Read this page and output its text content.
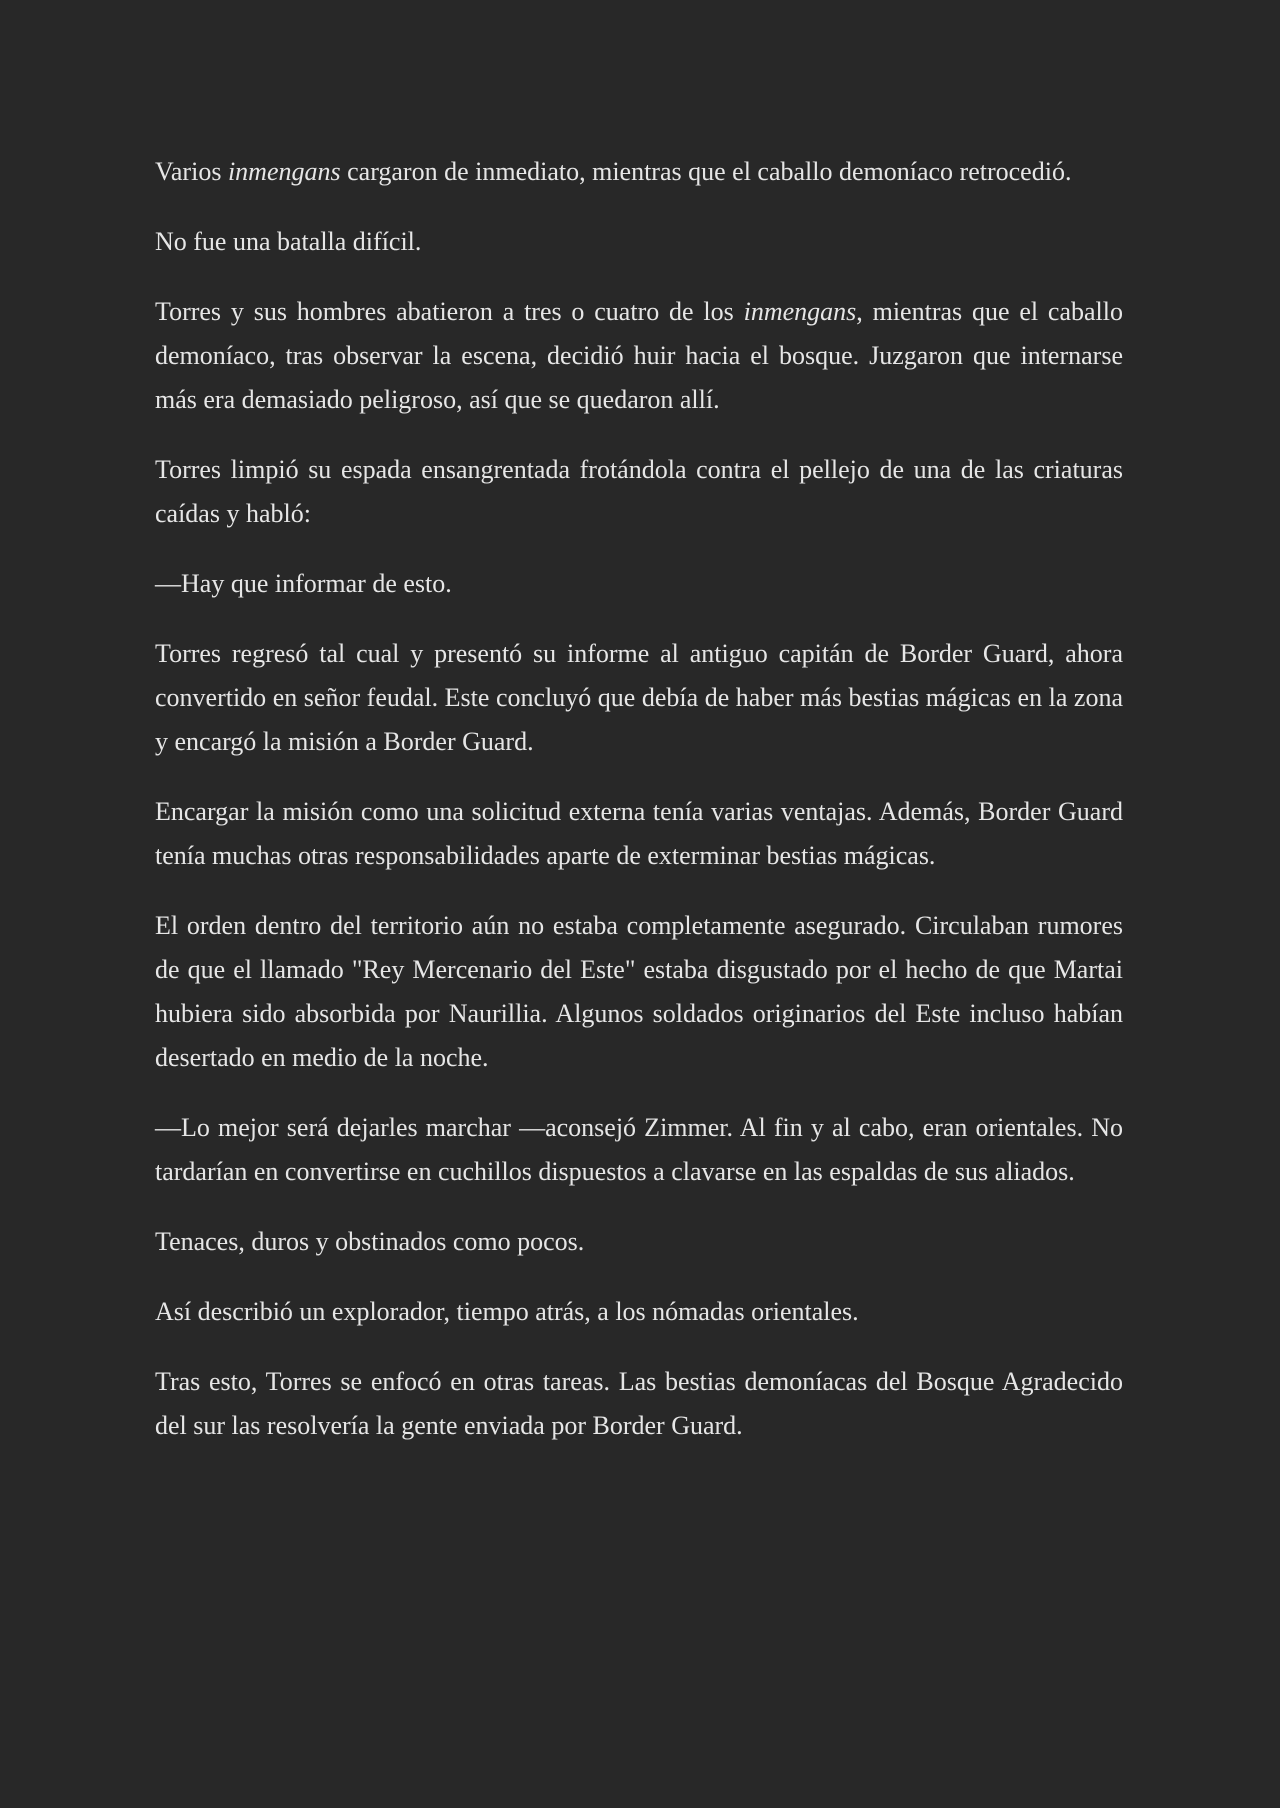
Varios inmengans cargaron de inmediato, mientras que el caballo demoníaco retrocedió.

No fue una batalla difícil.

Torres y sus hombres abatieron a tres o cuatro de los inmengans, mientras que el caballo demoníaco, tras observar la escena, decidió huir hacia el bosque. Juzgaron que internarse más era demasiado peligroso, así que se quedaron allí.

Torres limpió su espada ensangrentada frotándola contra el pellejo de una de las criaturas caídas y habló:

—Hay que informar de esto.

Torres regresó tal cual y presentó su informe al antiguo capitán de Border Guard, ahora convertido en señor feudal. Este concluyó que debía de haber más bestias mágicas en la zona y encargó la misión a Border Guard.

Encargar la misión como una solicitud externa tenía varias ventajas. Además, Border Guard tenía muchas otras responsabilidades aparte de exterminar bestias mágicas.

El orden dentro del territorio aún no estaba completamente asegurado. Circulaban rumores de que el llamado "Rey Mercenario del Este" estaba disgustado por el hecho de que Martai hubiera sido absorbida por Naurillia. Algunos soldados originarios del Este incluso habían desertado en medio de la noche.

—Lo mejor será dejarles marchar —aconsejó Zimmer. Al fin y al cabo, eran orientales. No tardarían en convertirse en cuchillos dispuestos a clavarse en las espaldas de sus aliados.

Tenaces, duros y obstinados como pocos.

Así describió un explorador, tiempo atrás, a los nómadas orientales.

Tras esto, Torres se enfocó en otras tareas. Las bestias demoníacas del Bosque Agradecido del sur las resolvería la gente enviada por Border Guard.
